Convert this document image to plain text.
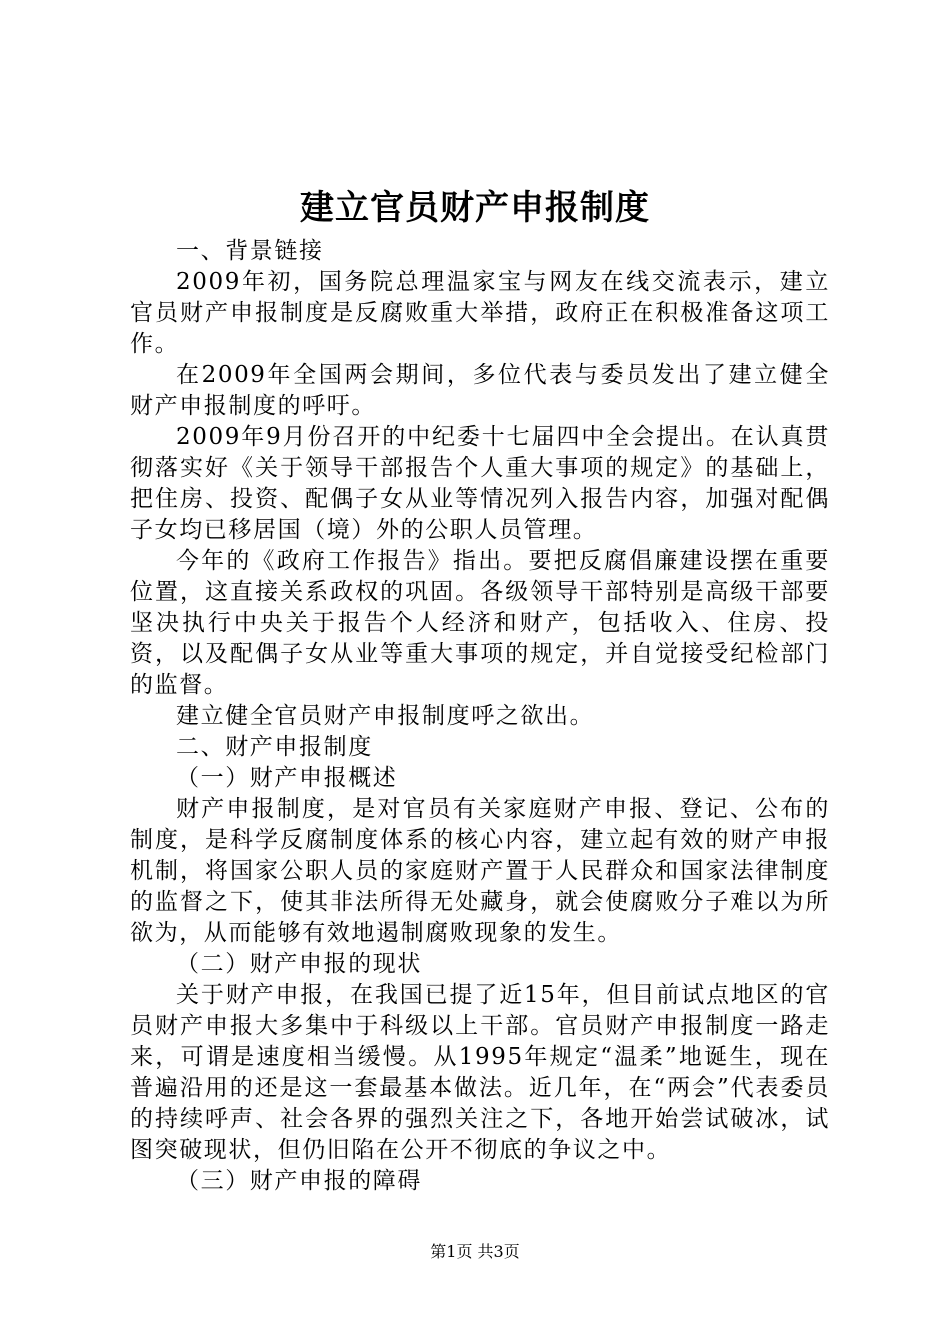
建立官员财产申报制度

一、背景链接

2009年初，国务院总理温家宝与网友在线交流表示，建立官员财产申报制度是反腐败重大举措，政府正在积极准备这项工作。

在2009年全国两会期间，多位代表与委员发出了建立健全财产申报制度的呼吁。

2009年9月份召开的中纪委十七届四中全会提出。在认真贯彻落实好《关于领导干部报告个人重大事项的规定》的基础上，把住房、投资、配偶子女从业等情况列入报告内容，加强对配偶子女均已移居国（境）外的公职人员管理。

今年的《政府工作报告》指出。要把反腐倡廉建设摆在重要位置，这直接关系政权的巩固。各级领导干部特别是高级干部要坚决执行中央关于报告个人经济和财产，包括收入、住房、投资，以及配偶子女从业等重大事项的规定，并自觉接受纪检部门的监督。

建立健全官员财产申报制度呼之欲出。

二、财产申报制度

（一）财产申报概述

财产申报制度，是对官员有关家庭财产申报、登记、公布的制度，是科学反腐制度体系的核心内容，建立起有效的财产申报机制，将国家公职人员的家庭财产置于人民群众和国家法律制度的监督之下，使其非法所得无处藏身，就会使腐败分子难以为所欲为，从而能够有效地遏制腐败现象的发生。

（二）财产申报的现状

关于财产申报，在我国已提了近15年，但目前试点地区的官员财产申报大多集中于科级以上干部。官员财产申报制度一路走来，可谓是速度相当缓慢。从1995年规定“温柔”地诞生，现在普遍沿用的还是这一套最基本做法。近几年，在“两会”代表委员的持续呼声、社会各界的强烈关注之下，各地开始尝试破冰，试图突破现状，但仍旧陷在公开不彻底的争议之中。

（三）财产申报的障碍

第1页 共3页
